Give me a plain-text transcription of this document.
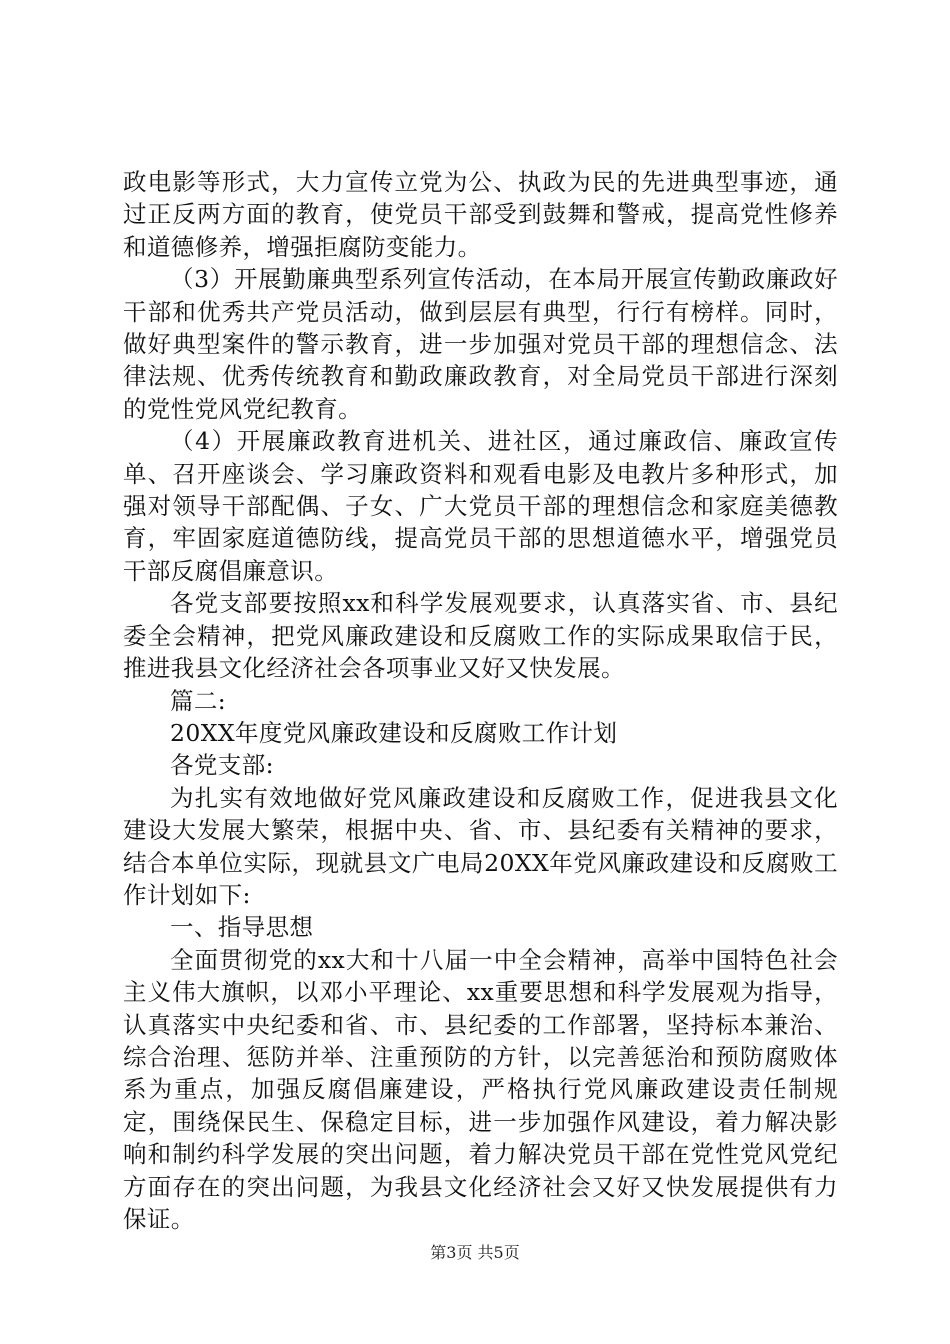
政电影等形式，大力宣传立党为公、执政为民的先进典型事迹，通过正反两方面的教育，使党员干部受到鼓舞和警戒，提高党性修养和道德修养，增强拒腐防变能力。

（3）开展勤廉典型系列宣传活动，在本局开展宣传勤政廉政好干部和优秀共产党员活动，做到层层有典型，行行有榜样。同时，做好典型案件的警示教育，进一步加强对党员干部的理想信念、法律法规、优秀传统教育和勤政廉政教育，对全局党员干部进行深刻的党性党风党纪教育。

（4）开展廉政教育进机关、进社区，通过廉政信、廉政宣传单、召开座谈会、学习廉政资料和观看电影及电教片多种形式，加强对领导干部配偶、子女、广大党员干部的理想信念和家庭美德教育，牢固家庭道德防线，提高党员干部的思想道德水平，增强党员干部反腐倡廉意识。

各党支部要按照xx和科学发展观要求，认真落实省、市、县纪委全会精神，把党风廉政建设和反腐败工作的实际成果取信于民，推进我县文化经济社会各项事业又好又快发展。

篇二:

20XX年度党风廉政建设和反腐败工作计划

各党支部:

为扎实有效地做好党风廉政建设和反腐败工作，促进我县文化建设大发展大繁荣，根据中央、省、市、县纪委有关精神的要求，结合本单位实际，现就县文广电局20XX年党风廉政建设和反腐败工作计划如下:

一、指导思想

全面贯彻党的xx大和十八届一中全会精神，高举中国特色社会主义伟大旗帜，以邓小平理论、xx重要思想和科学发展观为指导，认真落实中央纪委和省、市、县纪委的工作部署，坚持标本兼治、综合治理、惩防并举、注重预防的方针，以完善惩治和预防腐败体系为重点，加强反腐倡廉建设，严格执行党风廉政建设责任制规定，围绕保民生、保稳定目标，进一步加强作风建设，着力解决影响和制约科学发展的突出问题，着力解决党员干部在党性党风党纪方面存在的突出问题，为我县文化经济社会又好又快发展提供有力保证。

第3页 共5页
